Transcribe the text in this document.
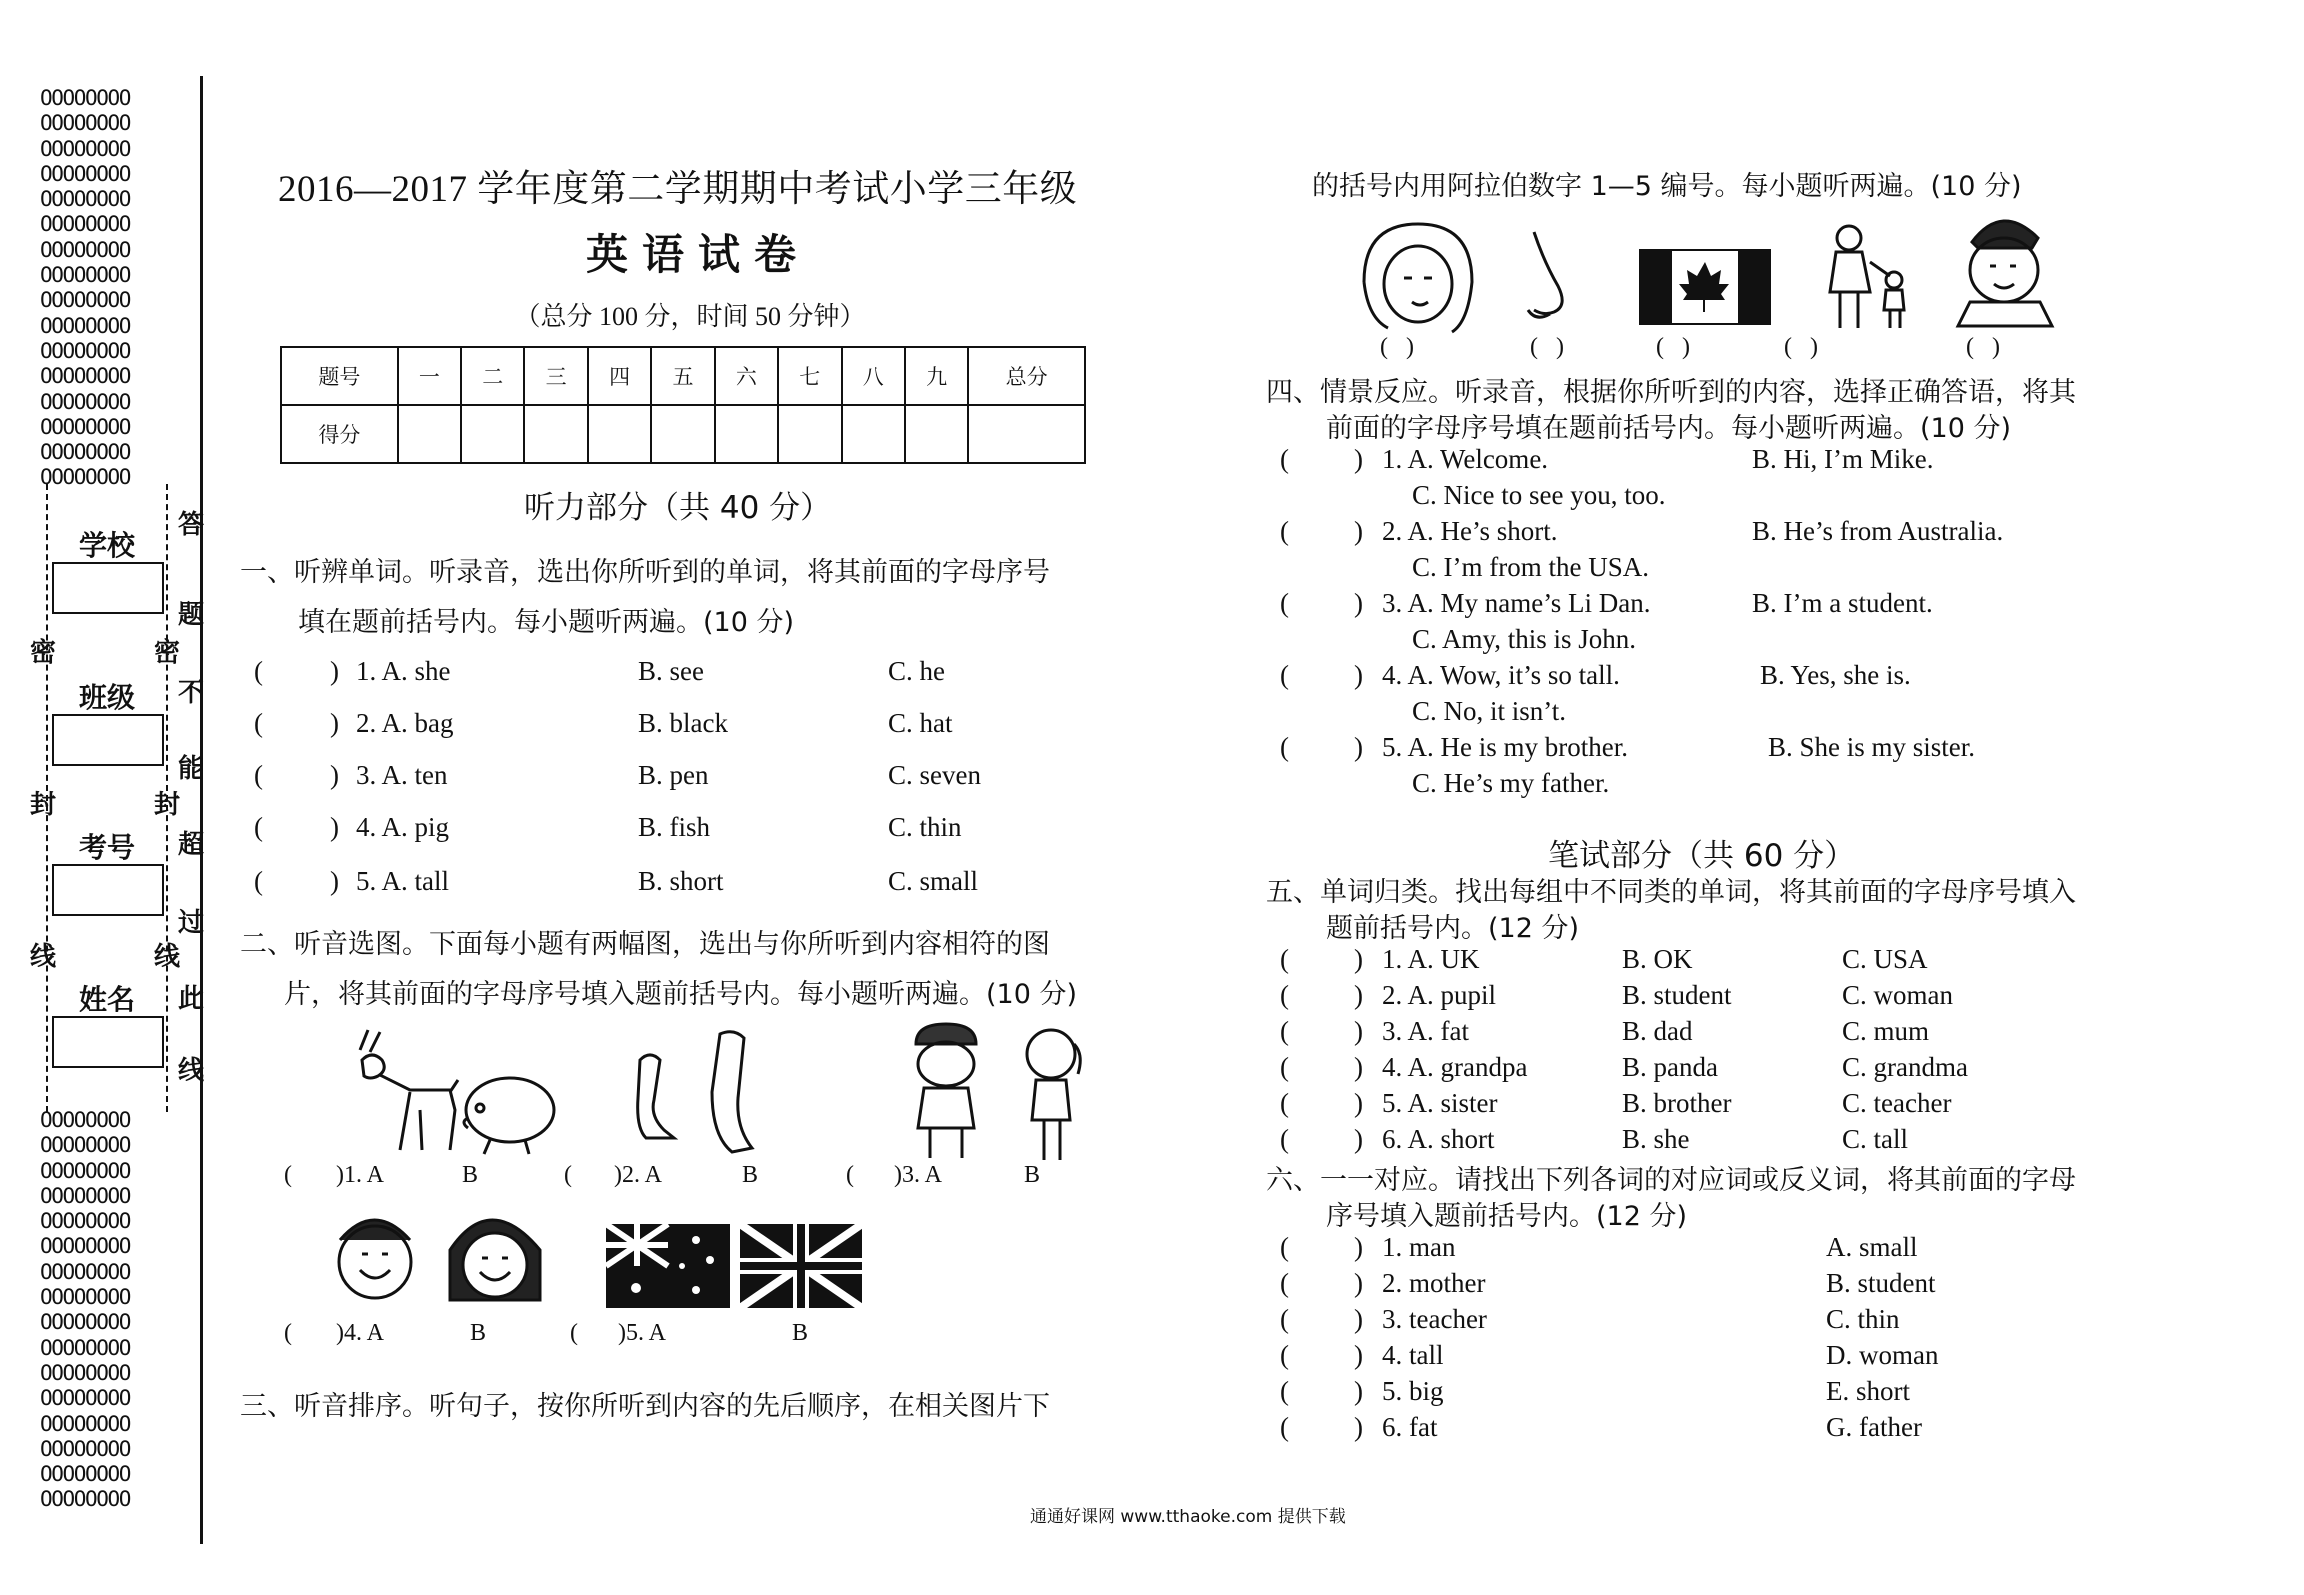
OOOOOOOO
OOOOOOOO
OOOOOOOO
OOOOOOOO
OOOOOOOO
OOOOOOOO
OOOOOOOO
OOOOOOOO
OOOOOOOO
OOOOOOOO
OOOOOOOO
OOOOOOOO
OOOOOOOO
OOOOOOOO
OOOOOOOO
OOOOOOOO
OOOOOOOO
OOOOOOOO
OOOOOOOO
OOOOOOOO
OOOOOOOO
OOOOOOOO
OOOOOOOO
OOOOOOOO
OOOOOOOO
OOOOOOOO
OOOOOOOO
OOOOOOOO
OOOOOOOO
OOOOOOOO
OOOOOOOO
OOOOOOOO
学校
班级
考号
姓名
密
封
线
密
封
线
答
题
不
能
超
过
此
线
2016—2017 学年度第二学期期中考试小学三年级
英语试卷
（总分 100 分，时间 50 分钟）
题号	一	二	三	四	五	六	七	八	九	总分
得分										
听力部分（共 40 分）
一、听辨单词。听录音，选出你所听到的单词，将其前面的字母序号
填在题前括号内。每小题听两遍。(10 分)
( ) 1. A. she	B. see	C. he
( ) 2. A. bag	B. black	C. hat
( ) 3. A. ten	B. pen	C. seven
( ) 4. A. pig	B. fish	C. thin
( ) 5. A. tall	B. short	C. small
二、听音选图。下面每小题有两幅图，选出与你所听到内容相符的图
片，将其前面的字母序号填入题前括号内。每小题听两遍。(10 分)
( )1. A	B	( )2. A	B	( )3. A	B
( )4. A	B	( )5. A	B
三、听音排序。听句子，按你所听到内容的先后顺序，在相关图片下
的括号内用阿拉伯数字 1—5 编号。每小题听两遍。(10 分)
(   )	(   )	(   )	(   )	(   )
四、情景反应。听录音，根据你所听到的内容，选择正确答语，将其
前面的字母序号填在题前括号内。每小题听两遍。(10 分)
( ) 1. A. Welcome.	B. Hi, I’m Mike.
C. Nice to see you, too.
( ) 2. A. He’s short.	B. He’s from Australia.
C. I’m from the USA.
( ) 3. A. My name’s Li Dan.	B. I’m a student.
C. Amy, this is John.
( ) 4. A. Wow, it’s so tall.	B. Yes, she is.
C. No, it isn’t.
( ) 5. A. He is my brother.	B. She is my sister.
C. He’s my father.
笔试部分（共 60 分）
五、单词归类。找出每组中不同类的单词，将其前面的字母序号填入
题前括号内。(12 分)
( ) 1. A. UK	B. OK	C. USA
( ) 2. A. pupil	B. student	C. woman
( ) 3. A. fat	B. dad	C. mum
( ) 4. A. grandpa	B. panda	C. grandma
( ) 5. A. sister	B. brother	C. teacher
( ) 6. A. short	B. she	C. tall
六、一一对应。请找出下列各词的对应词或反义词，将其前面的字母
序号填入题前括号内。(12 分)
( ) 1. man	A. small
( ) 2. mother	B. student
( ) 3. teacher	C. thin
( ) 4. tall	D. woman
( ) 5. big	E. short
( ) 6. fat	G. father
通通好课网 www.tthaoke.com 提供下载
